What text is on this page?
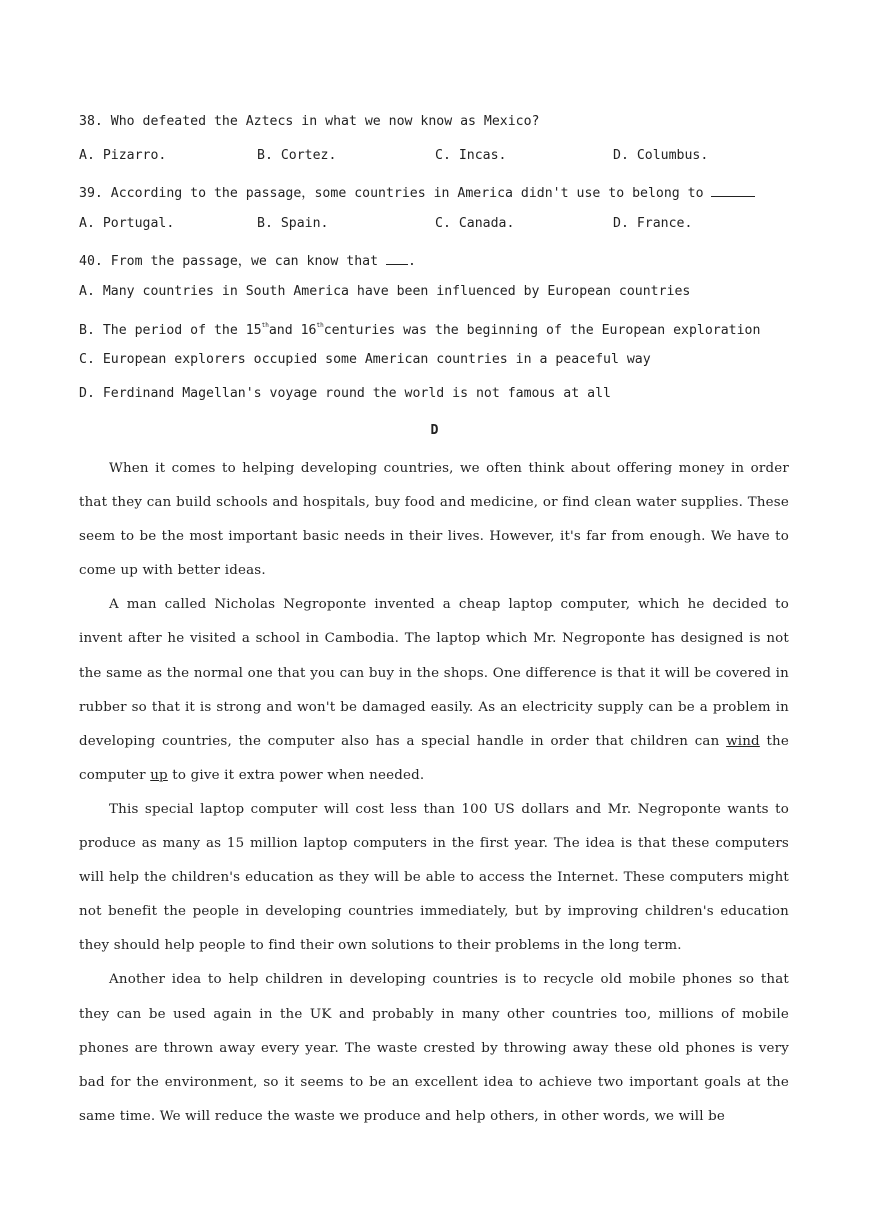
38. Who defeated the Aztecs in what we now know as Mexico?
A. Pizarro.	B. Cortez.	C. Incas.	D. Columbus.
39. According to the passage，some countries in America didn't use to belong to
A. Portugal.	B. Spain.	C. Canada.	D. France.
40. From the passage，we can know that .
A. Many countries in South America have been influenced by European countries
B. The period of the 15thand 16thcenturies was the beginning of the European exploration
C. European explorers occupied some American countries in a peaceful way
D. Ferdinand Magellan's voyage round the world is not famous at all
D

When it comes to helping developing countries, we often think about offering money in order that they can build schools and hospitals, buy food and medicine, or find clean water supplies. These seem to be the most important basic needs in their lives. However, it's far from enough. We have to come up with better ideas.

A man called Nicholas Negroponte invented a cheap laptop computer, which he decided to invent after he visited a school in Cambodia. The laptop which Mr. Negroponte has designed is not the same as the normal one that you can buy in the shops. One difference is that it will be covered in rubber so that it is strong and won't be damaged easily. As an electricity supply can be a problem in developing countries, the computer also has a special handle in order that children can wind the computer up to give it extra power when needed.

This special laptop computer will cost less than 100 US dollars and Mr. Negroponte wants to produce as many as 15 million laptop computers in the first year. The idea is that these computers will help the children's education as they will be able to access the Internet. These computers might not benefit the people in developing countries immediately, but by improving children's education they should help people to find their own solutions to their problems in the long term.

Another idea to help children in developing countries is to recycle old mobile phones so that they can be used again in the UK and probably in many other countries too, millions of mobile phones are thrown away every year. The waste crested by throwing away these old phones is very bad for the environment, so it seems to be an excellent idea to achieve two important goals at the same time. We will reduce the waste we produce and help others, in other words, we will be
